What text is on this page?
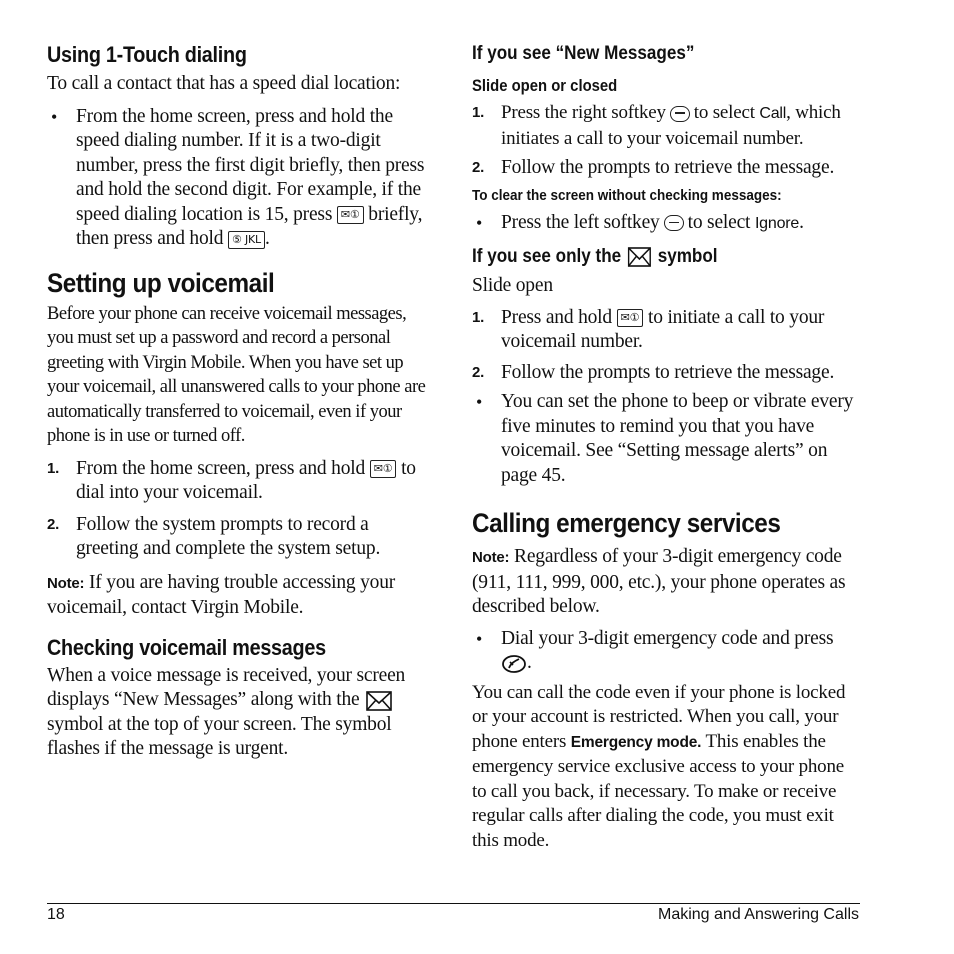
Using 1-Touch dialing

To call a contact that has a speed dial location:

• From the home screen, press and hold the speed dialing number. If it is a two-digit number, press the first digit briefly, then press and hold the second digit. For example, if the speed dialing location is 15, press ✉① briefly, then press and hold ⑤ JKL .
Setting up voicemail

Before your phone can receive voicemail messages, you must set up a password and record a personal greeting with Virgin Mobile. When you have set up your voicemail, all unanswered calls to your phone are automatically transferred to voicemail, even if your phone is in use or turned off.

1. From the home screen, press and hold ✉① to dial into your voicemail.
2. Follow the system prompts to record a greeting and complete the system setup.

Note: If you are having trouble accessing your voicemail, contact Virgin Mobile.

Checking voicemail messages

When a voice message is received, your screen displays “New Messages” along with the  symbol at the top of your screen. The symbol flashes if the message is urgent.

If you see “New Messages”
Slide open or closed
1. Press the right softkey to select Call, which initiates a call to your voicemail number.
2. Follow the prompts to retrieve the message.
To clear the screen without checking messages:
• Press the left softkey to select Ignore.
If you see only the symbol

Slide open

1. Press and hold ✉① to initiate a call to your voicemail number.
2. Follow the prompts to retrieve the message.
• You can set the phone to beep or vibrate every five minutes to remind you that you have voicemail. See “Setting message alerts” on page 45.
Calling emergency services

Note: Regardless of your 3-digit emergency code (911, 111, 999, 000, etc.), your phone operates as described below.

• Dial your 3-digit emergency code and press .

You can call the code even if your phone is locked or your account is restricted. When you call, your phone enters Emergency mode. This enables the emergency service exclusive access to your phone to call you back, if necessary. To make or receive regular calls after dialing the code, you must exit this mode.

18	Making and Answering Calls
